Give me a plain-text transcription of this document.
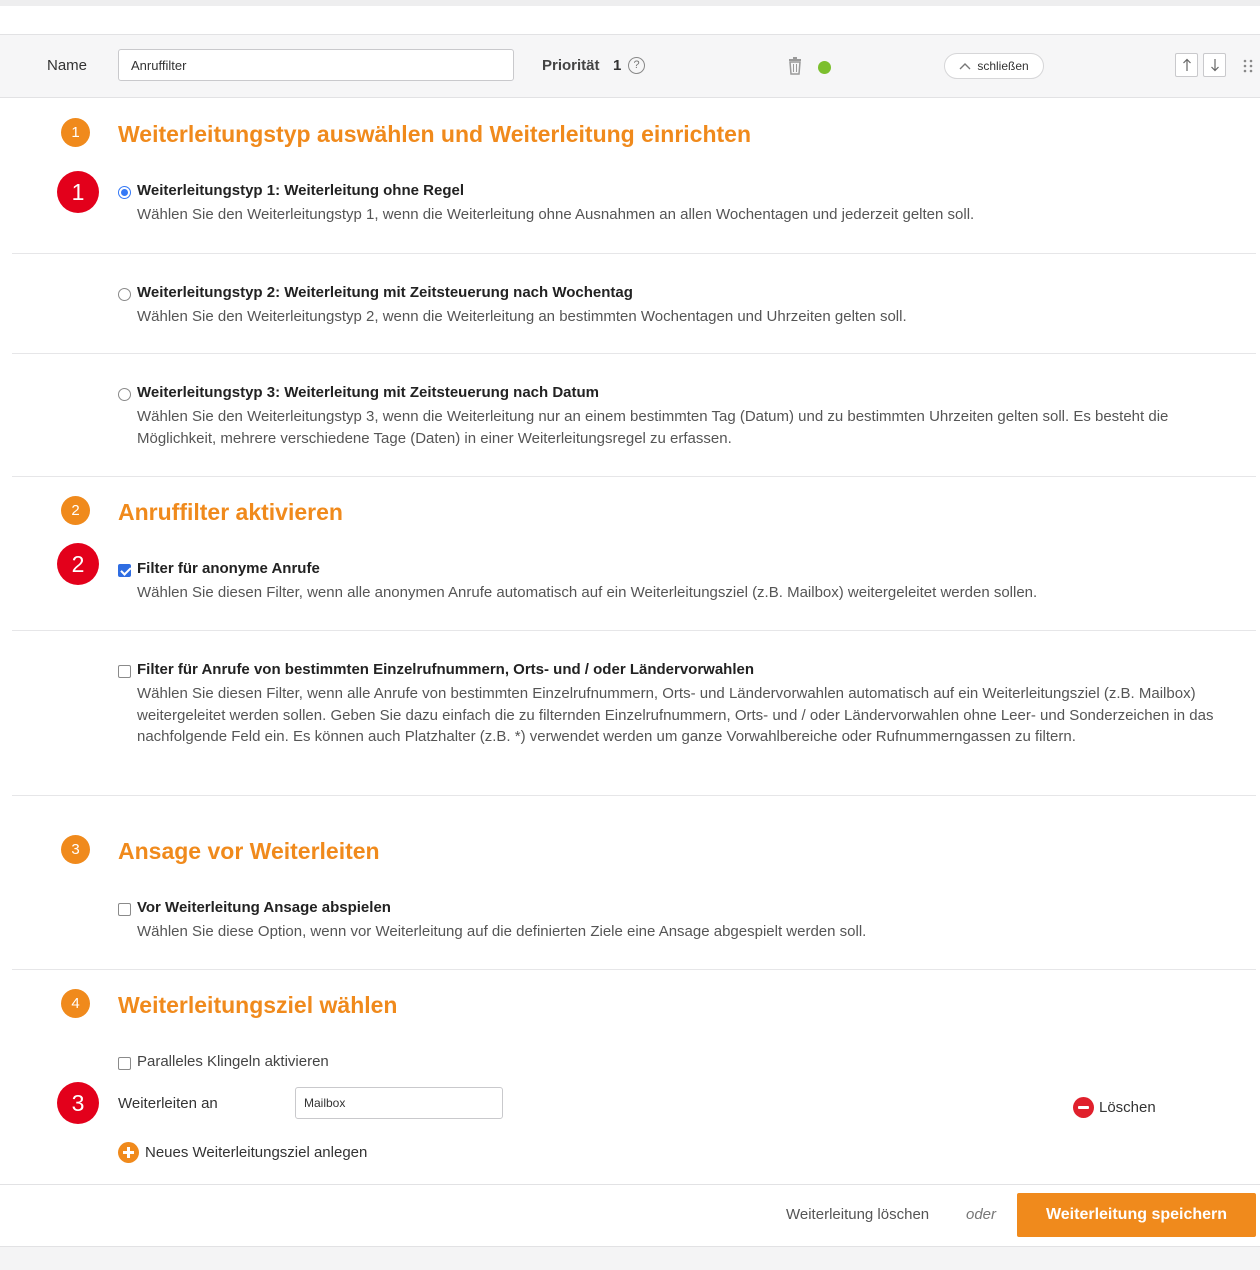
Name
Anruffilter	Priorität 1	?	schließen
1	Weiterleitungstyp auswählen und Weiterleitung einrichten
1	Weiterleitungstyp 1: Weiterleitung ohne Regel
Wählen Sie den Weiterleitungstyp 1, wenn die Weiterleitung ohne Ausnahmen an allen Wochentagen und jederzeit gelten soll.
Weiterleitungstyp 2: Weiterleitung mit Zeitsteuerung nach Wochentag
Wählen Sie den Weiterleitungstyp 2, wenn die Weiterleitung an bestimmten Wochentagen und Uhrzeiten gelten soll.
Weiterleitungstyp 3: Weiterleitung mit Zeitsteuerung nach Datum
Wählen Sie den Weiterleitungstyp 3, wenn die Weiterleitung nur an einem bestimmten Tag (Datum) und zu bestimmten Uhrzeiten gelten soll. Es besteht die Möglichkeit, mehrere verschiedene Tage (Daten) in einer Weiterleitungsregel zu erfassen.
2	Anruffilter aktivieren
2	Filter für anonyme Anrufe
Wählen Sie diesen Filter, wenn alle anonymen Anrufe automatisch auf ein Weiterleitungsziel (z.B. Mailbox) weitergeleitet werden sollen.
Filter für Anrufe von bestimmten Einzelrufnummern, Orts- und / oder Ländervorwahlen
Wählen Sie diesen Filter, wenn alle Anrufe von bestimmten Einzelrufnummern, Orts- und Ländervorwahlen automatisch auf ein Weiterleitungsziel (z.B. Mailbox) weitergeleitet werden sollen. Geben Sie dazu einfach die zu filternden Einzelrufnummern, Orts- und / oder Ländervorwahlen ohne Leer- und Sonderzeichen in das nachfolgende Feld ein. Es können auch Platzhalter (z.B. *) verwendet werden um ganze Vorwahlbereiche oder Rufnummerngassen zu filtern.
3	Ansage vor Weiterleiten
Vor Weiterleitung Ansage abspielen
Wählen Sie diese Option, wenn vor Weiterleitung auf die definierten Ziele eine Ansage abgespielt werden soll.
4	Weiterleitungsziel wählen
Paralleles Klingeln aktivieren
3	Weiterleiten an
Mailbox	Löschen
Neues Weiterleitungsziel anlegen
Weiterleitung löschen oder	Weiterleitung speichern
